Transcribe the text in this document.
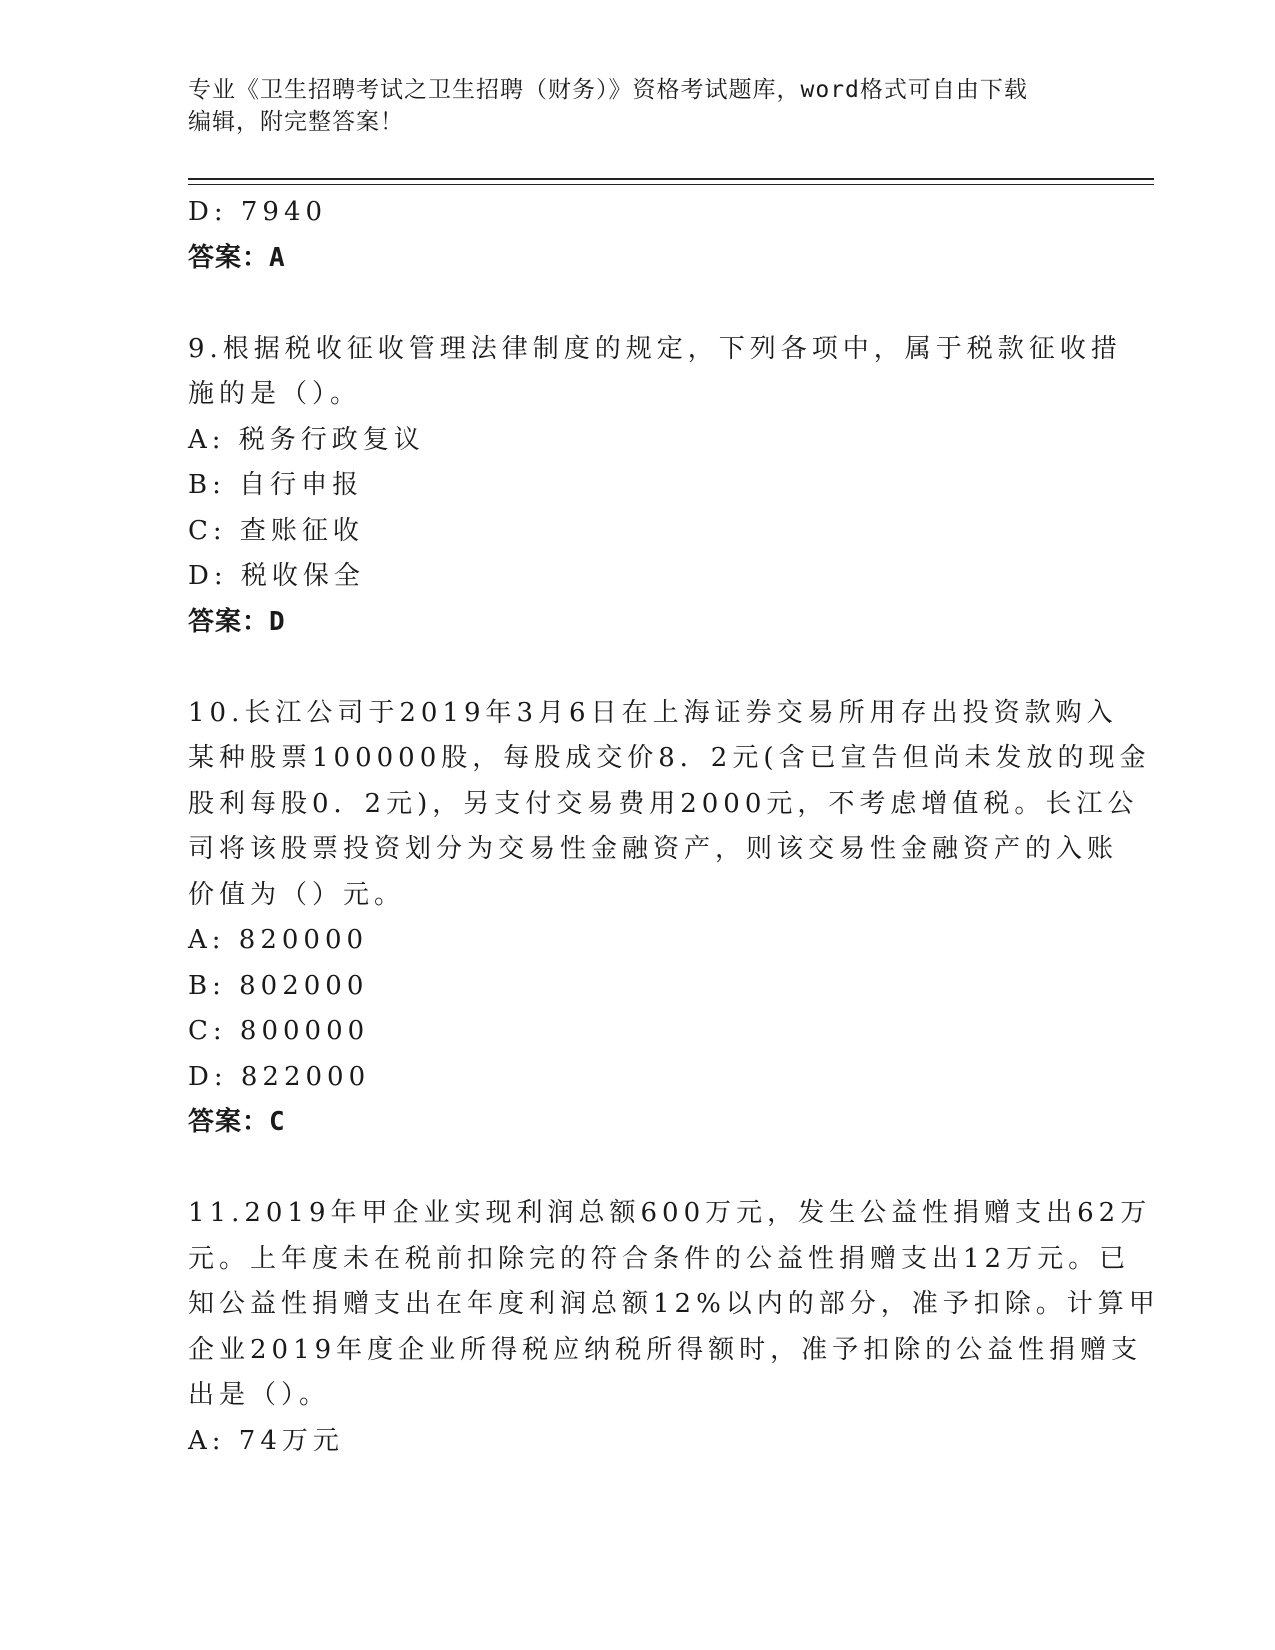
专业《卫生招聘考试之卫生招聘（财务）》资格考试题库，word格式可自由下载
编辑，附完整答案！
D: 7940
答案：A
9.根据税收征收管理法律制度的规定，下列各项中，属于税款征收措
施的是（）。
A: 税务行政复议
B: 自行申报
C: 查账征收
D: 税收保全
答案：D
10.长江公司于2019年3月6日在上海证券交易所用存出投资款购入
某种股票100000股，每股成交价8．2元(含已宣告但尚未发放的现金
股利每股0．2元)，另支付交易费用2000元，不考虑增值税。长江公
司将该股票投资划分为交易性金融资产，则该交易性金融资产的入账
价值为（）元。
A: 820000
B: 802000
C: 800000
D: 822000
答案：C
11.2019年甲企业实现利润总额600万元，发生公益性捐赠支出62万
元。上年度未在税前扣除完的符合条件的公益性捐赠支出12万元。已
知公益性捐赠支出在年度利润总额12%以内的部分，准予扣除。计算甲
企业2019年度企业所得税应纳税所得额时，准予扣除的公益性捐赠支
出是（）。
A: 74万元
